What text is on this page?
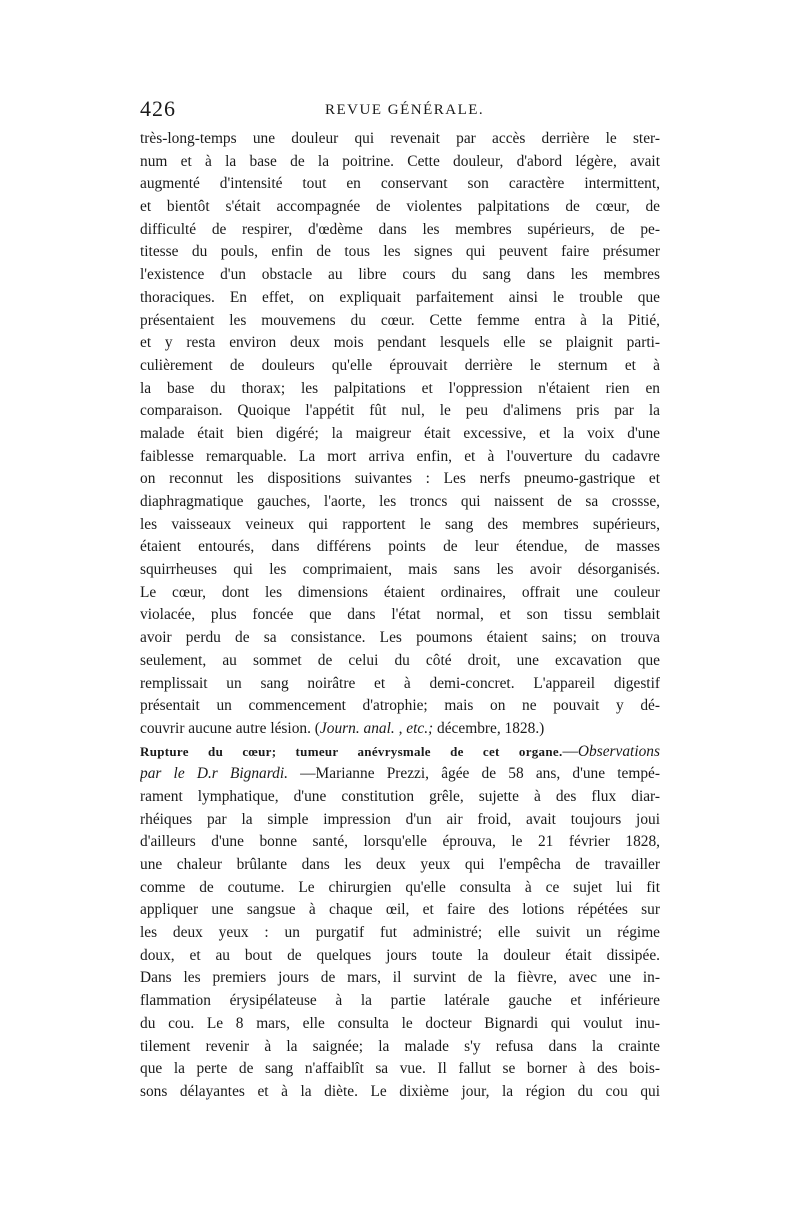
426	REVUE GÉNÉRALE.
très-long-temps une douleur qui revenait par accès derrière le ster-
num et à la base de la poitrine. Cette douleur, d'abord légère, avait
augmenté d'intensité tout en conservant son caractère intermittent,
et bientôt s'était accompagnée de violentes palpitations de cœur, de
difficulté de respirer, d'œdème dans les membres supérieurs, de pe-
titesse du pouls, enfin de tous les signes qui peuvent faire présumer
l'existence d'un obstacle au libre cours du sang dans les membres
thoraciques. En effet, on expliquait parfaitement ainsi le trouble que
présentaient les mouvemens du cœur. Cette femme entra à la Pitié,
et y resta environ deux mois pendant lesquels elle se plaignit parti-
culièrement de douleurs qu'elle éprouvait derrière le sternum et à
la base du thorax; les palpitations et l'oppression n'étaient rien en
comparaison. Quoique l'appétit fût nul, le peu d'alimens pris par la
malade était bien digéré; la maigreur était excessive, et la voix d'une
faiblesse remarquable. La mort arriva enfin, et à l'ouverture du cadavre
on reconnut les dispositions suivantes : Les nerfs pneumo-gastrique et
diaphragmatique gauches, l'aorte, les troncs qui naissent de sa crossse,
les vaisseaux veineux qui rapportent le sang des membres supérieurs,
étaient entourés, dans différens points de leur étendue, de masses
squirrheuses qui les comprimaient, mais sans les avoir désorganisés.
Le cœur, dont les dimensions étaient ordinaires, offrait une couleur
violacée, plus foncée que dans l'état normal, et son tissu semblait
avoir perdu de sa consistance. Les poumons étaient sains; on trouva
seulement, au sommet de celui du côté droit, une excavation que
remplissait un sang noirâtre et à demi-concret. L'appareil digestif
présentait un commencement d'atrophie; mais on ne pouvait y dé-
couvrir aucune autre lésion. (Journ. anal. , etc.; décembre, 1828.)
Rupture du cœur; tumeur anévrysmale de cet organe.—Observations
par le D.r Bignardi. —Marianne Prezzi, âgée de 58 ans, d'une tempé-
rament lymphatique, d'une constitution grêle, sujette à des flux diar-
rhéiques par la simple impression d'un air froid, avait toujours joui
d'ailleurs d'une bonne santé, lorsqu'elle éprouva, le 21 février 1828,
une chaleur brûlante dans les deux yeux qui l'empêcha de travailler
comme de coutume. Le chirurgien qu'elle consulta à ce sujet lui fit
appliquer une sangsue à chaque œil, et faire des lotions répétées sur
les deux yeux : un purgatif fut administré; elle suivit un régime
doux, et au bout de quelques jours toute la douleur était dissipée.
Dans les premiers jours de mars, il survint de la fièvre, avec une in-
flammation érysipélateuse à la partie latérale gauche et inférieure
du cou. Le 8 mars, elle consulta le docteur Bignardi qui voulut inu-
tilement revenir à la saignée; la malade s'y refusa dans la crainte
que la perte de sang n'affaiblît sa vue. Il fallut se borner à des bois-
sons délayantes et à la diète. Le dixième jour, la région du cou qui
